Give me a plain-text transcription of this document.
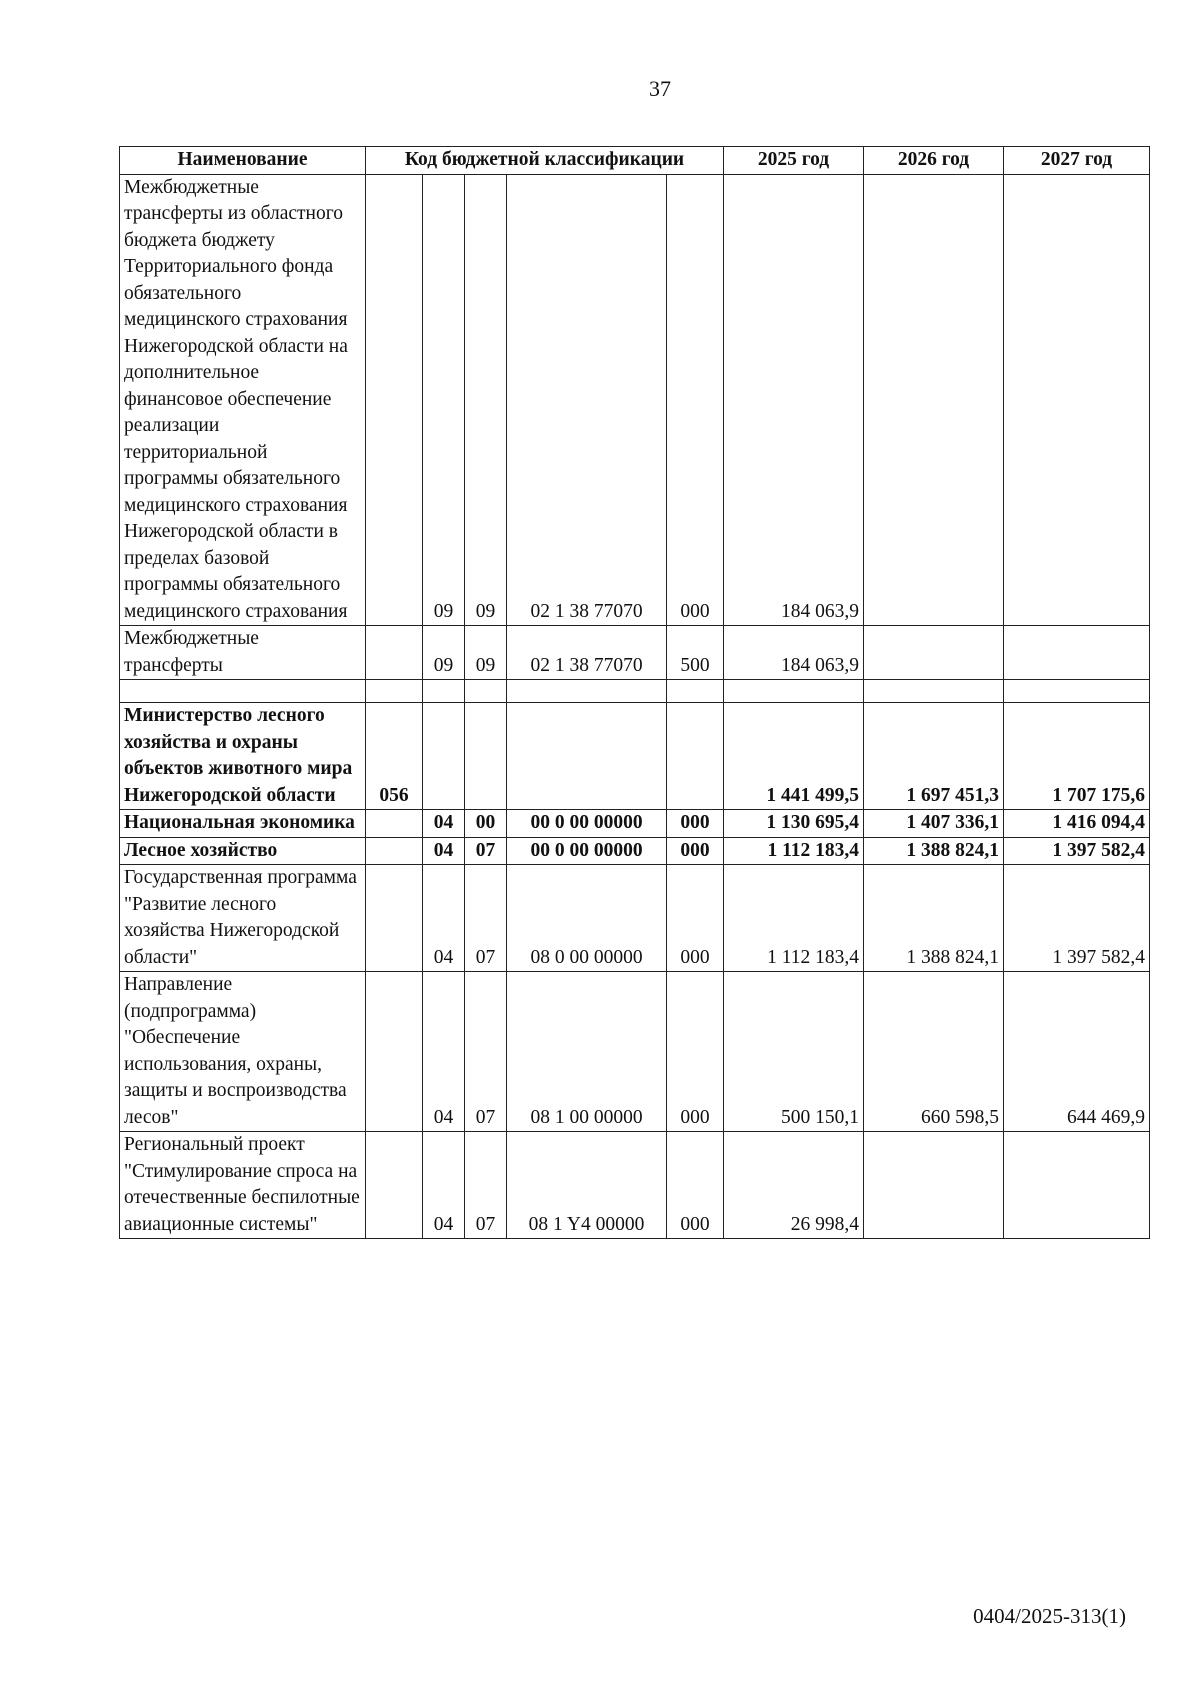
37
Наименование	Код бюджетной классификации					2025 год	2026 год	2027 год
Межбюджетные трансферты из областного бюджета бюджету Территориального фонда обязательного медицинского страхования Нижегородской области на дополнительное финансовое обеспечение реализации территориальной программы обязательного медицинского страхования Нижегородской области в пределах базовой программы обязательного медицинского страхования		09	09	02 1 38 77070	000	184 063,9		
Межбюджетные трансферты		09	09	02 1 38 77070	500	184 063,9		

Министерство лесного хозяйства и охраны объектов животного мира Нижегородской области	056					1 441 499,5	1 697 451,3	1 707 175,6
Национальная экономика		04	00	00 0 00 00000	000	1 130 695,4	1 407 336,1	1 416 094,4
Лесное хозяйство		04	07	00 0 00 00000	000	1 112 183,4	1 388 824,1	1 397 582,4
Государственная программа "Развитие лесного хозяйства Нижегородской области"		04	07	08 0 00 00000	000	1 112 183,4	1 388 824,1	1 397 582,4
Направление (подпрограмма) "Обеспечение использования, охраны, защиты и воспроизводства лесов"		04	07	08 1 00 00000	000	500 150,1	660 598,5	644 469,9
Региональный проект "Стимулирование спроса на отечественные беспилотные авиационные системы"		04	07	08 1 Y4 00000	000	26 998,4		
0404/2025-313(1)
